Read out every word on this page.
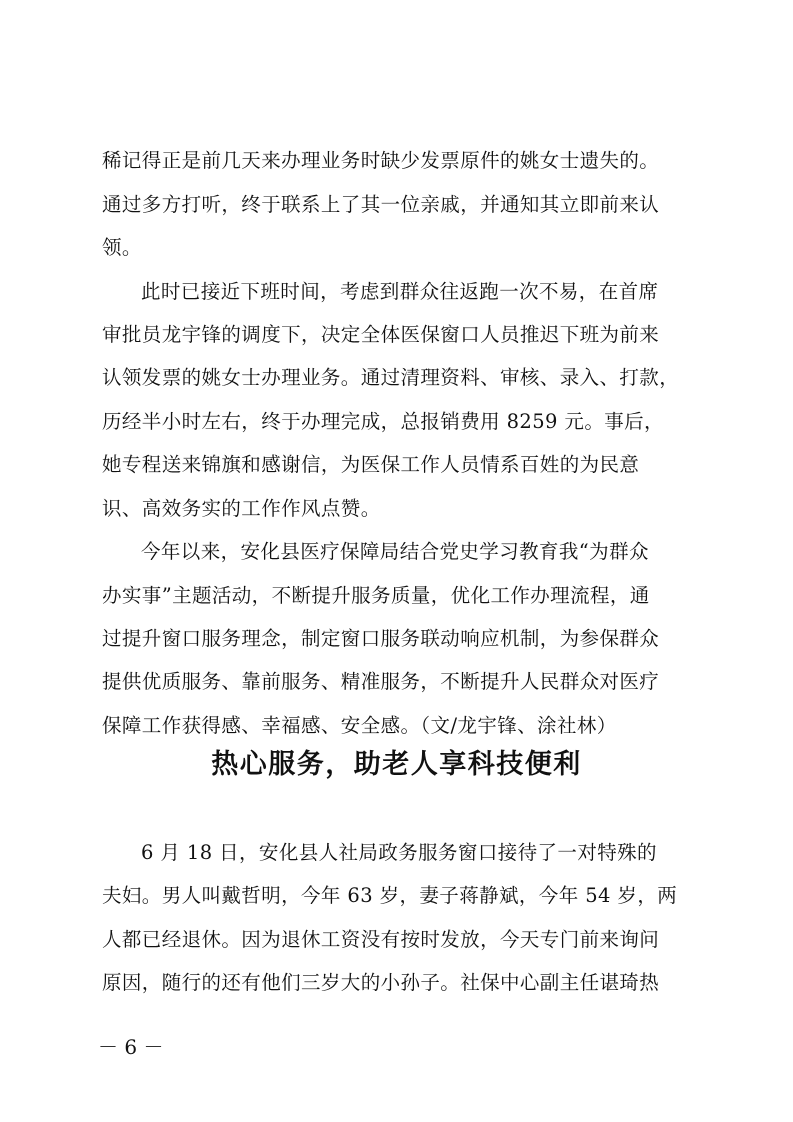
稀记得正是前几天来办理业务时缺少发票原件的姚女士遗失的。
通过多方打听，终于联系上了其一位亲戚，并通知其立即前来认
领。
此时已接近下班时间，考虑到群众往返跑一次不易，在首席
审批员龙宇锋的调度下，决定全体医保窗口人员推迟下班为前来
认领发票的姚女士办理业务。通过清理资料、审核、录入、打款，
历经半小时左右，终于办理完成，总报销费用 8259 元。事后，
她专程送来锦旗和感谢信，为医保工作人员情系百姓的为民意
识、高效务实的工作作风点赞。
今年以来，安化县医疗保障局结合党史学习教育我“为群众
办实事”主题活动，不断提升服务质量，优化工作办理流程，通
过提升窗口服务理念，制定窗口服务联动响应机制，为参保群众
提供优质服务、靠前服务、精准服务，不断提升人民群众对医疗
保障工作获得感、幸福感、安全感。（文/龙宇锋、涂社林）
热心服务，助老人享科技便利
6 月 18 日，安化县人社局政务服务窗口接待了一对特殊的
夫妇。男人叫戴哲明，今年 63 岁，妻子蒋静斌，今年 54 岁，两
人都已经退休。因为退休工资没有按时发放，今天专门前来询问
原因，随行的还有他们三岁大的小孙子。社保中心副主任谌琦热
－ 6 －
